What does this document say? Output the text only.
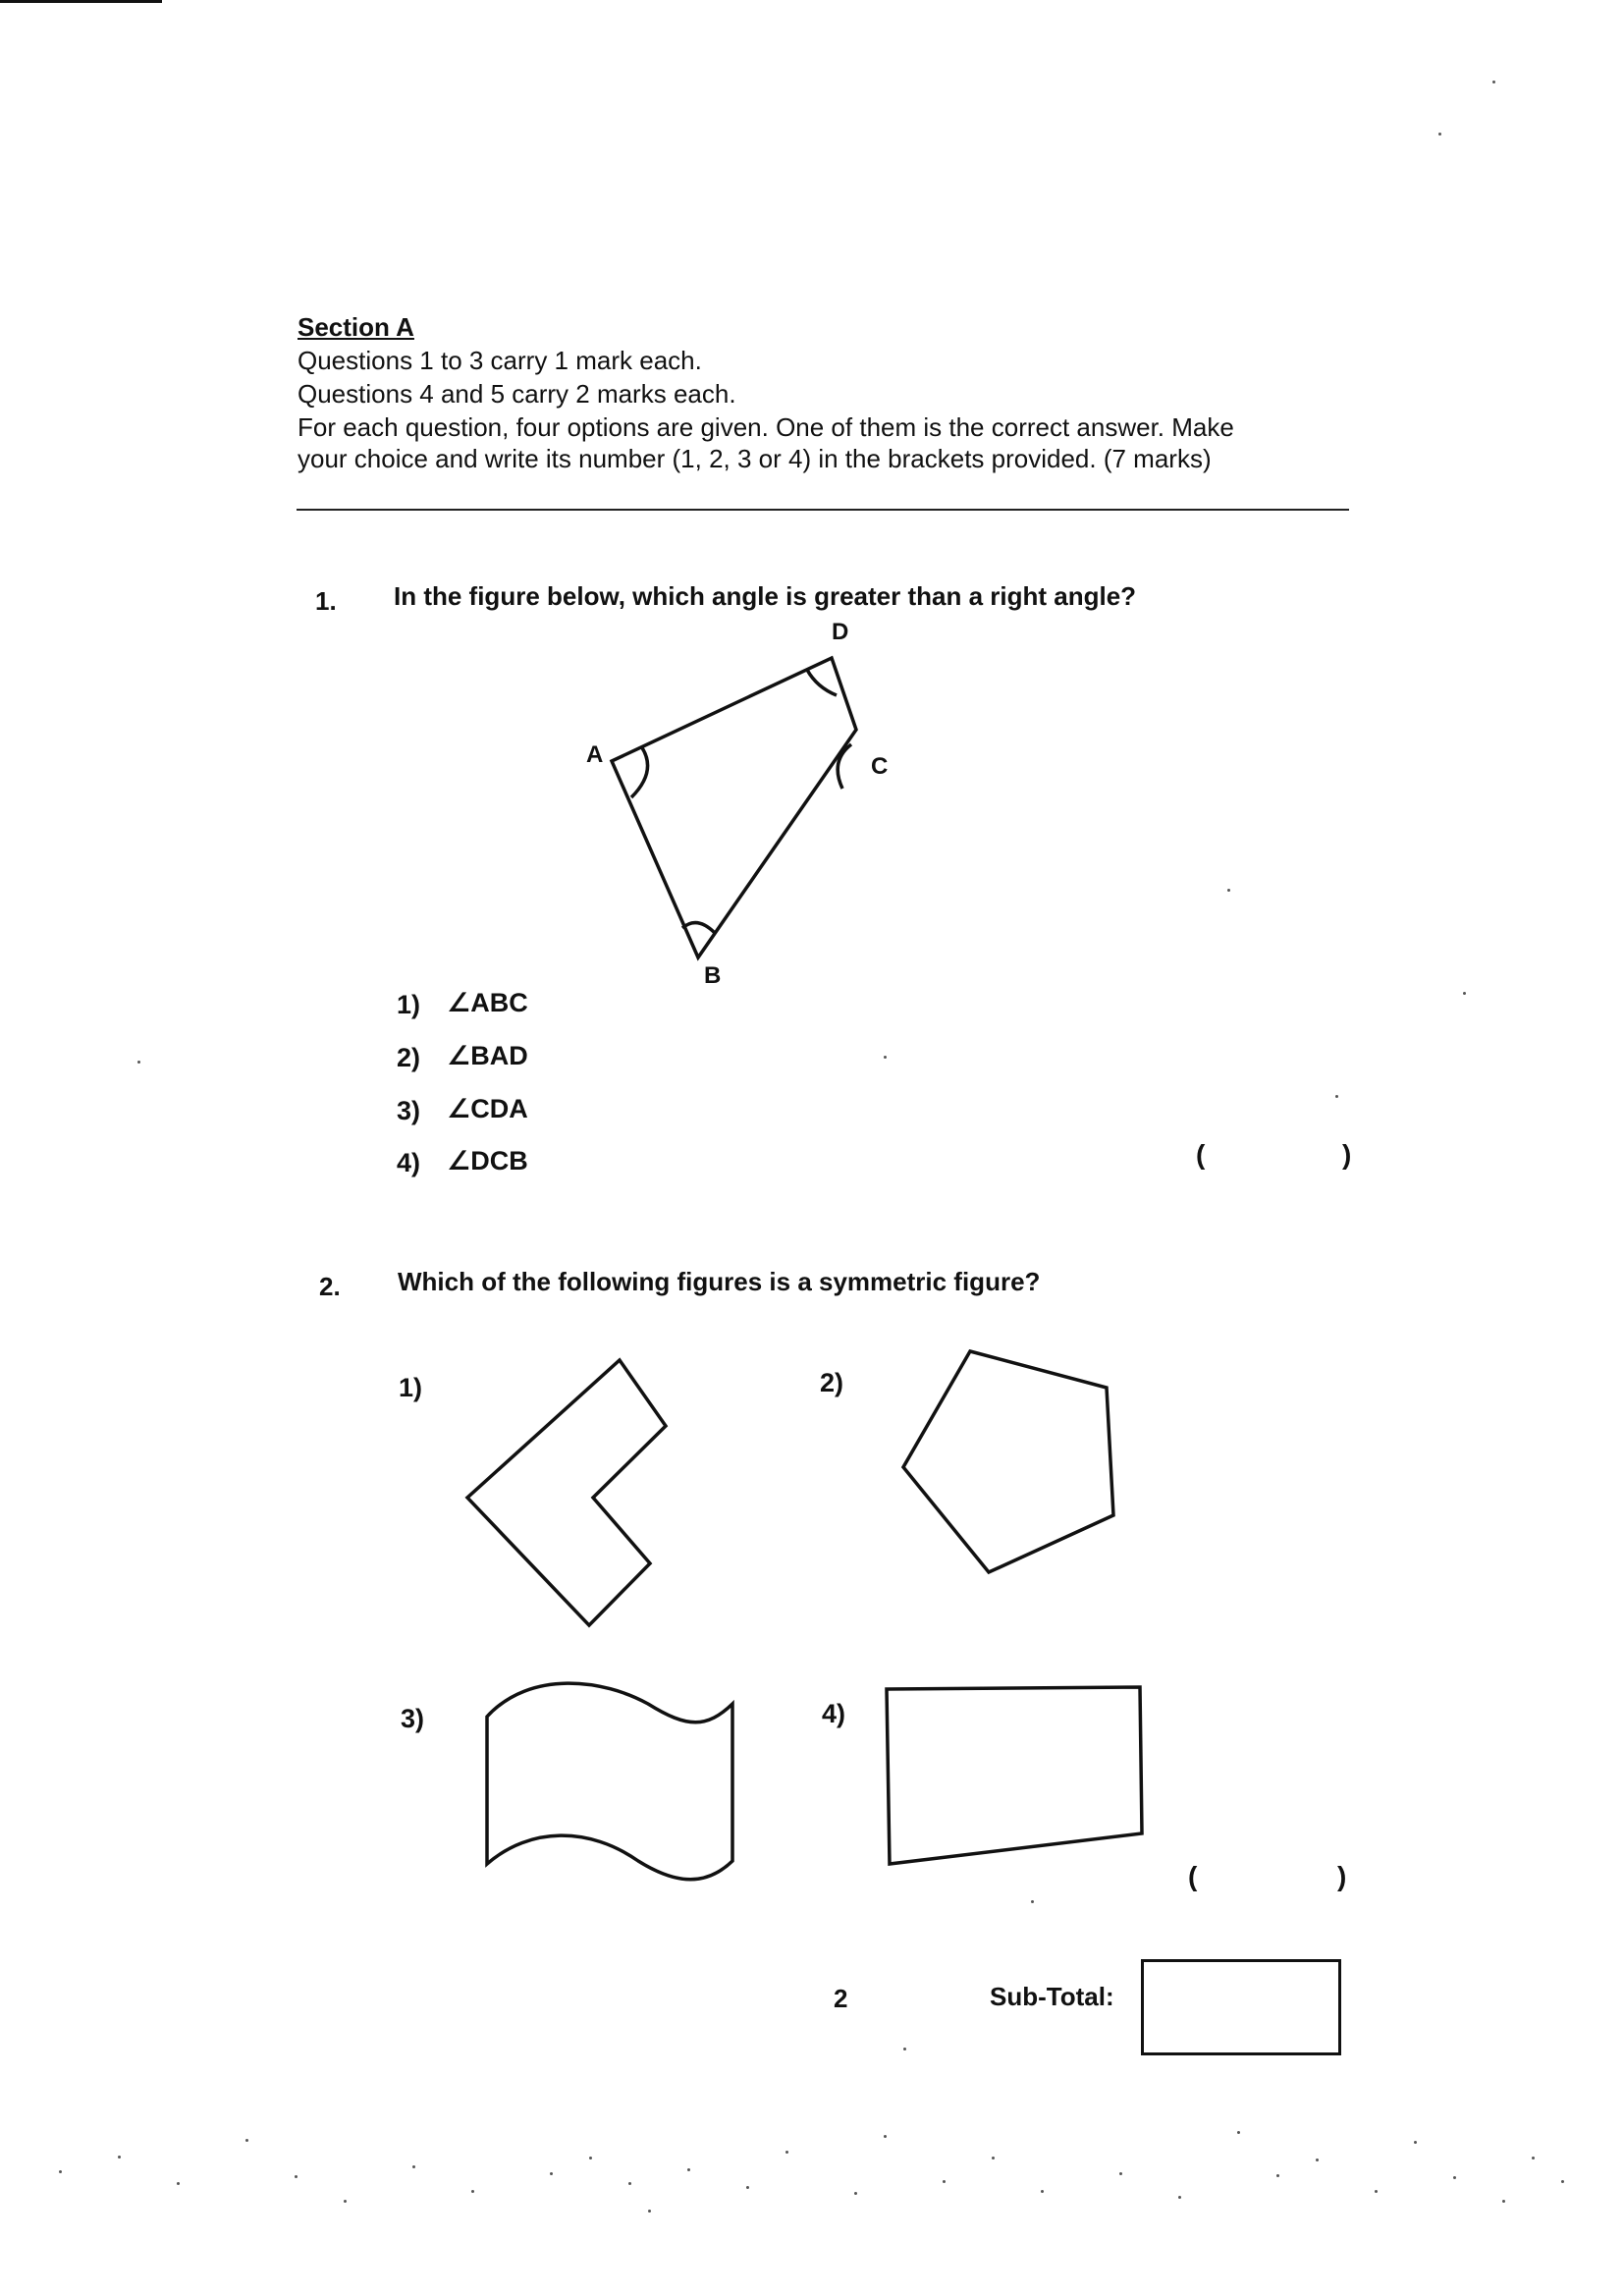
Section A
Questions 1 to 3 carry 1 mark each.
Questions 4 and 5 carry 2 marks each.
For each question, four options are given. One of them is the correct answer. Make
your choice and write its number (1, 2, 3 or 4) in the brackets provided. (7 marks)
1. In the figure below, which angle is greater than a right angle?
D
A	C
B
1) ∠ABC
2) ∠BAD
3) ∠CDA
4) ∠DCB	(	)
2. Which of the following figures is a symmetric figure?
1)	2)
3)	4)
(	)
2	Sub-Total:
